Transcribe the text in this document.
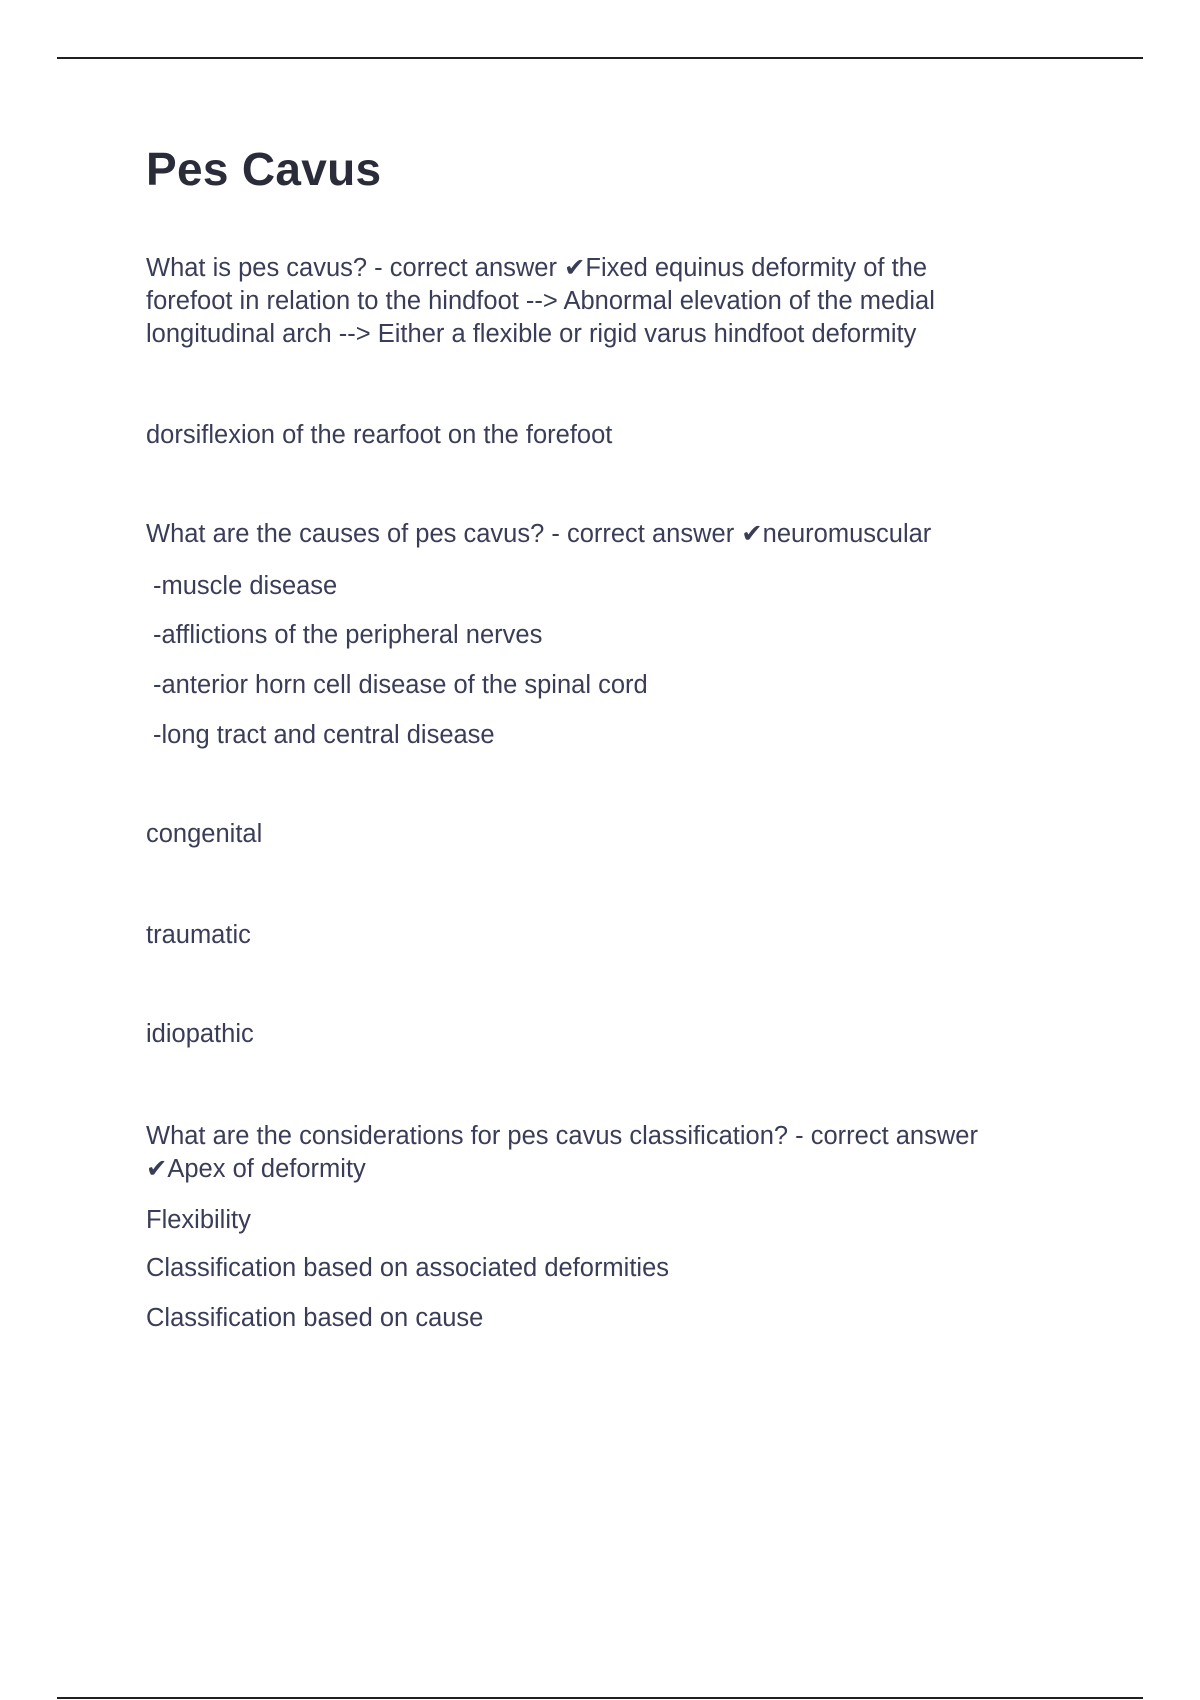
Pes Cavus

What is pes cavus? - correct answer ✔Fixed equinus deformity of the

forefoot in relation to the hindfoot --> Abnormal elevation of the medial

longitudinal arch --> Either a flexible or rigid varus hindfoot deformity

dorsiflexion of the rearfoot on the forefoot

What are the causes of pes cavus? - correct answer ✔neuromuscular

-muscle disease

-afflictions of the peripheral nerves

-anterior horn cell disease of the spinal cord

-long tract and central disease

congenital

traumatic

idiopathic

What are the considerations for pes cavus classification? - correct answer

✔Apex of deformity

Flexibility

Classification based on associated deformities

Classification based on cause
